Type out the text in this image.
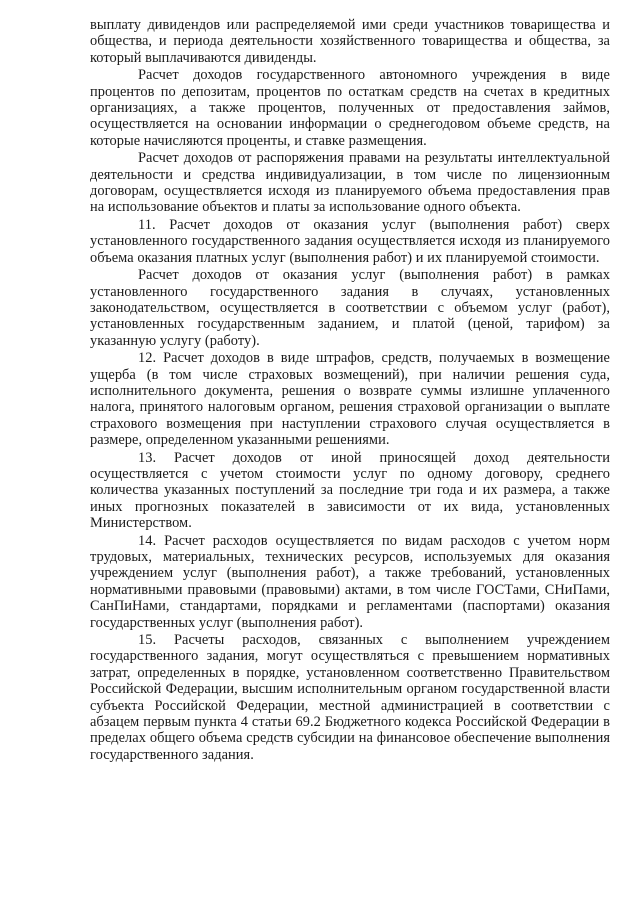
выплату дивидендов или распределяемой ими среди участников товарищества и общества, и периода деятельности хозяйственного товарищества и общества, за который выплачиваются дивиденды.

Расчет доходов государственного автономного учреждения в виде процентов по депозитам, процентов по остаткам средств на счетах в кредитных организациях, а также процентов, полученных от предоставления займов, осуществляется на основании информации о среднегодовом объеме средств, на которые начисляются проценты, и ставке размещения.

Расчет доходов от распоряжения правами на результаты интеллектуальной деятельности и средства индивидуализации, в том числе по лицензионным договорам, осуществляется исходя из планируемого объема предоставления прав на использование объектов и платы за использование одного объекта.

11. Расчет доходов от оказания услуг (выполнения работ) сверх установленного государственного задания осуществляется исходя из планируемого объема оказания платных услуг (выполнения работ) и их планируемой стоимости.

Расчет доходов от оказания услуг (выполнения работ) в рамках установленного государственного задания в случаях, установленных законодательством, осуществляется в соответствии с объемом услуг (работ), установленных государственным заданием, и платой (ценой, тарифом) за указанную услугу (работу).

12. Расчет доходов в виде штрафов, средств, получаемых в возмещение ущерба (в том числе страховых возмещений), при наличии решения суда, исполнительного документа, решения о возврате суммы излишне уплаченного налога, принятого налоговым органом, решения страховой организации о выплате страхового возмещения при наступлении страхового случая осуществляется в размере, определенном указанными решениями.

13. Расчет доходов от иной приносящей доход деятельности осуществляется с учетом стоимости услуг по одному договору, среднего количества указанных поступлений за последние три года и их размера, а также иных прогнозных показателей в зависимости от их вида, установленных Министерством.

14. Расчет расходов осуществляется по видам расходов с учетом норм трудовых, материальных, технических ресурсов, используемых для оказания учреждением услуг (выполнения работ), а также требований, установленных нормативными правовыми (правовыми) актами, в том числе ГОСТами, СНиПами, СанПиНами, стандартами, порядками и регламентами (паспортами) оказания государственных услуг (выполнения работ).

15. Расчеты расходов, связанных с выполнением учреждением государственного задания, могут осуществляться с превышением нормативных затрат, определенных в порядке, установленном соответственно Правительством Российской Федерации, высшим исполнительным органом государственной власти субъекта Российской Федерации, местной администрацией в соответствии с абзацем первым пункта 4 статьи 69.2 Бюджетного кодекса Российской Федерации в пределах общего объема средств субсидии на финансовое обеспечение выполнения государственного задания.
